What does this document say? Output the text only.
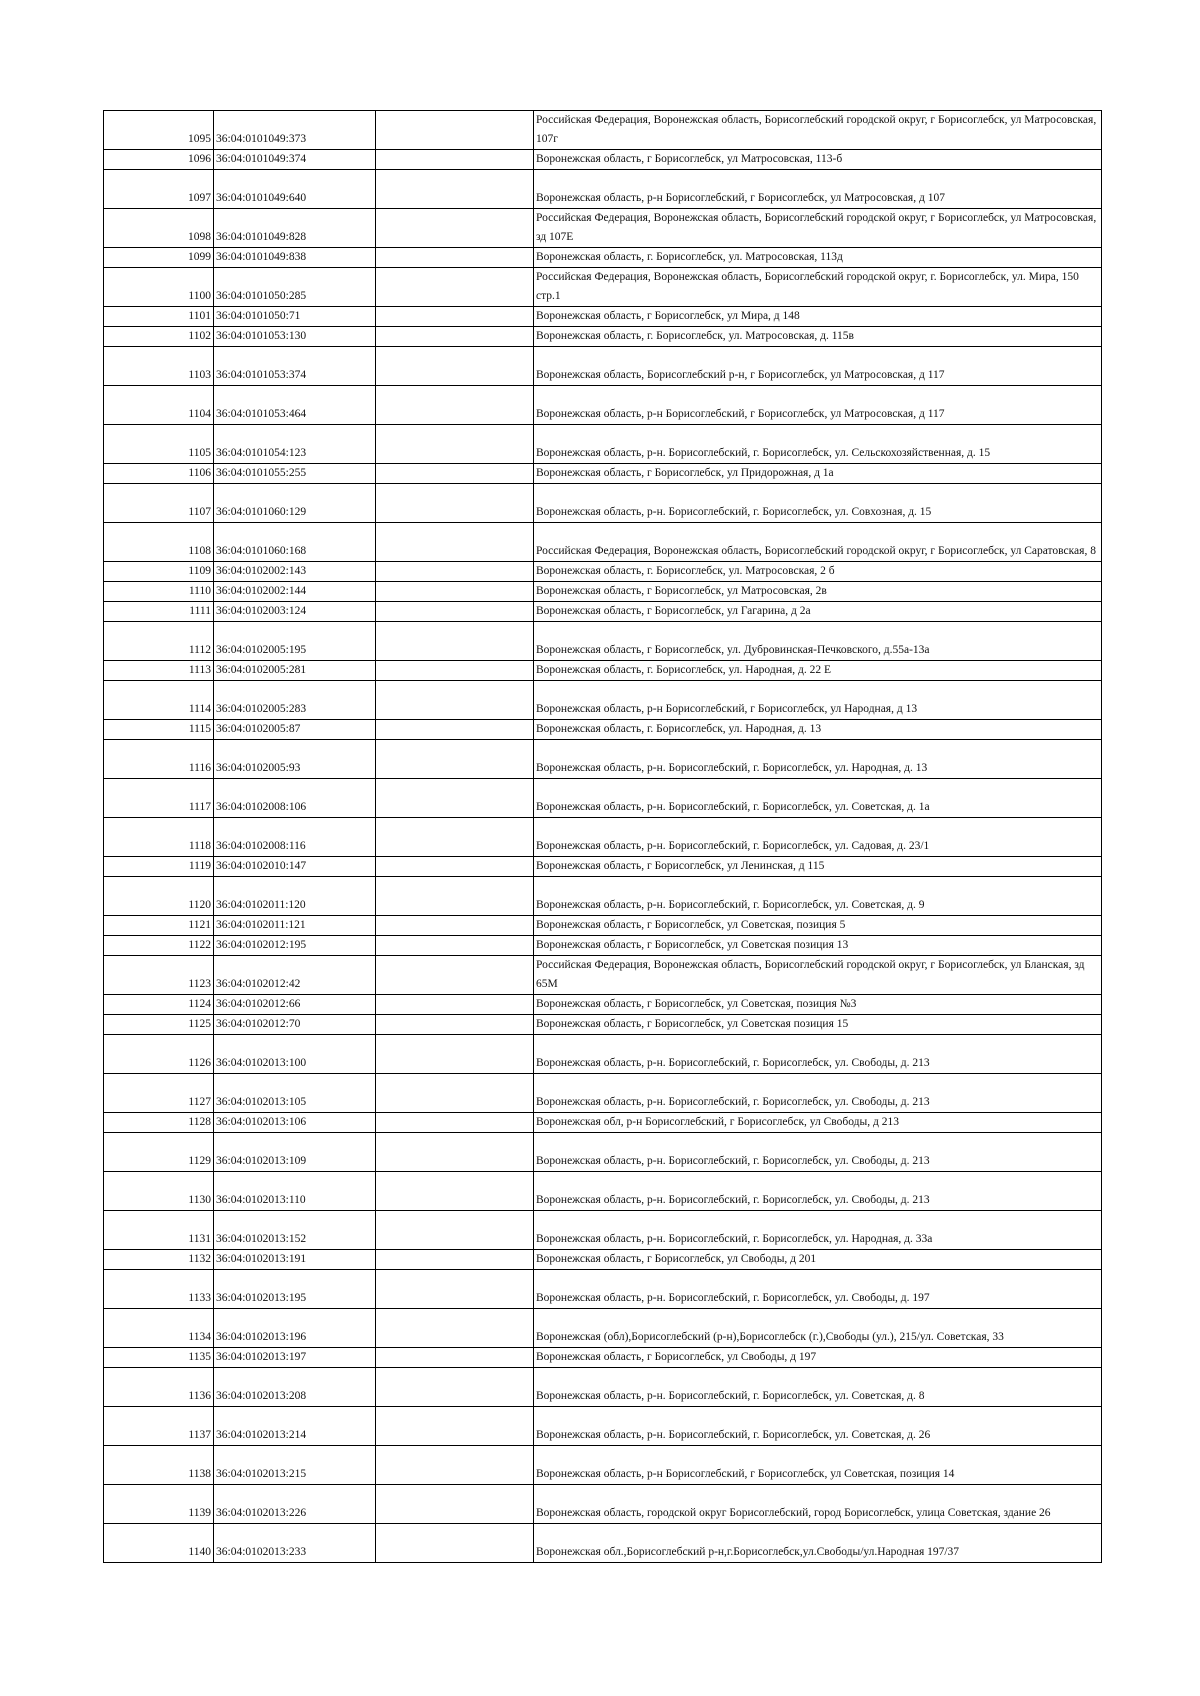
1095	36:04:0101049:373		Российская Федерация, Воронежская область, Борисоглебский городской округ, г Борисоглебск, ул Матросовская, 107г
1096	36:04:0101049:374		Воронежская область, г Борисоглебск, ул Матросовская, 113-б
1097	36:04:0101049:640		Воронежская область, р-н Борисоглебский, г Борисоглебск, ул Матросовская, д 107
1098	36:04:0101049:828		Российская Федерация, Воронежская область, Борисоглебский городской округ, г Борисоглебск, ул Матросовская, зд 107Е
1099	36:04:0101049:838		Воронежская область, г. Борисоглебск, ул. Матросовская, 113д
1100	36:04:0101050:285		Российская Федерация, Воронежская область, Борисоглебский городской округ, г. Борисоглебск, ул. Мира, 150 стр.1
1101	36:04:0101050:71		Воронежская область, г Борисоглебск, ул Мира, д 148
1102	36:04:0101053:130		Воронежская область, г. Борисоглебск, ул. Матросовская, д. 115в
1103	36:04:0101053:374		Воронежская область, Борисоглебский р-н, г Борисоглебск, ул Матросовская, д 117
1104	36:04:0101053:464		Воронежская область, р-н Борисоглебский, г Борисоглебск, ул Матросовская, д 117
1105	36:04:0101054:123		Воронежская область, р-н. Борисоглебский, г. Борисоглебск, ул. Сельскохозяйственная, д. 15
1106	36:04:0101055:255		Воронежская область, г Борисоглебск, ул Придорожная, д 1а
1107	36:04:0101060:129		Воронежская область, р-н. Борисоглебский, г. Борисоглебск, ул. Совхозная, д. 15
1108	36:04:0101060:168		Российская Федерация, Воронежская область, Борисоглебский городской округ, г Борисоглебск, ул Саратовская, 8
1109	36:04:0102002:143		Воронежская область, г. Борисоглебск, ул. Матросовская, 2 б
1110	36:04:0102002:144		Воронежская область, г Борисоглебск, ул Матросовская, 2в
1111	36:04:0102003:124		Воронежская область, г Борисоглебск, ул Гагарина, д 2а
1112	36:04:0102005:195		Воронежская область, г Борисоглебск, ул. Дубровинская-Печковского, д.55а-13а
1113	36:04:0102005:281		Воронежская область, г. Борисоглебск, ул. Народная, д. 22 Е
1114	36:04:0102005:283		Воронежская область, р-н Борисоглебский, г Борисоглебск, ул Народная, д 13
1115	36:04:0102005:87		Воронежская область, г. Борисоглебск, ул. Народная, д. 13
1116	36:04:0102005:93		Воронежская область, р-н. Борисоглебский, г. Борисоглебск, ул. Народная, д. 13
1117	36:04:0102008:106		Воронежская область, р-н. Борисоглебский, г. Борисоглебск, ул. Советская, д. 1а
1118	36:04:0102008:116		Воронежская область, р-н. Борисоглебский, г. Борисоглебск, ул. Садовая, д. 23/1
1119	36:04:0102010:147		Воронежская область, г Борисоглебск, ул Ленинская, д 115
1120	36:04:0102011:120		Воронежская область, р-н. Борисоглебский, г. Борисоглебск, ул. Советская, д. 9
1121	36:04:0102011:121		Воронежская область, г Борисоглебск, ул Советская, позиция 5
1122	36:04:0102012:195		Воронежская область, г Борисоглебск, ул Советская позиция 13
1123	36:04:0102012:42		Российская Федерация, Воронежская область, Борисоглебский городской округ, г Борисоглебск, ул Бланская, зд 65М
1124	36:04:0102012:66		Воронежская область, г Борисоглебск, ул Советская, позиция №3
1125	36:04:0102012:70		Воронежская область, г Борисоглебск, ул Советская позиция 15
1126	36:04:0102013:100		Воронежская область, р-н. Борисоглебский, г. Борисоглебск, ул. Свободы, д. 213
1127	36:04:0102013:105		Воронежская область, р-н. Борисоглебский, г. Борисоглебск, ул. Свободы, д. 213
1128	36:04:0102013:106		Воронежская обл, р-н Борисоглебский, г Борисоглебск, ул Свободы, д 213
1129	36:04:0102013:109		Воронежская область, р-н. Борисоглебский, г. Борисоглебск, ул. Свободы, д. 213
1130	36:04:0102013:110		Воронежская область, р-н. Борисоглебский, г. Борисоглебск, ул. Свободы, д. 213
1131	36:04:0102013:152		Воронежская область, р-н. Борисоглебский, г. Борисоглебск, ул. Народная, д. 33а
1132	36:04:0102013:191		Воронежская область, г Борисоглебск, ул Свободы, д 201
1133	36:04:0102013:195		Воронежская область, р-н. Борисоглебский, г. Борисоглебск, ул. Свободы, д. 197
1134	36:04:0102013:196		Воронежская (обл),Борисоглебский (р-н),Борисоглебск (г.),Свободы (ул.), 215/ул. Советская, 33
1135	36:04:0102013:197		Воронежская область, г Борисоглебск, ул Свободы, д 197
1136	36:04:0102013:208		Воронежская область, р-н. Борисоглебский, г. Борисоглебск, ул. Советская, д. 8
1137	36:04:0102013:214		Воронежская область, р-н. Борисоглебский, г. Борисоглебск, ул. Советская, д. 26
1138	36:04:0102013:215		Воронежская область, р-н Борисоглебский, г Борисоглебск, ул Советская, позиция 14
1139	36:04:0102013:226		Воронежская область, городской округ Борисоглебский, город Борисоглебск, улица Советская, здание 26
1140	36:04:0102013:233		Воронежская обл.,Борисоглебский р-н,г.Борисоглебск,ул.Свободы/ул.Народная 197/37
